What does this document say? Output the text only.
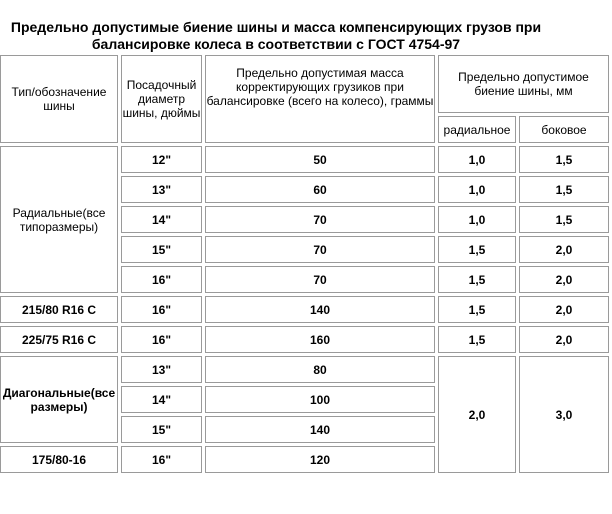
Предельно допустимые биение шины и масса компенсирующих грузов при
балансировке колеса в соответствии с ГОСТ 4754-97
Тип/обозначение шины	Посадочный диаметр шины, дюймы	Предельно допустимая масса корректирующих грузиков при балансировке (всего на колесо), граммы	Предельно допустимое биение шины, мм	
			радиальное	боковое
Радиальные(все типоразмеры)	12"	50	1,0	1,5
	13"	60	1,0	1,5
	14"	70	1,0	1,5
	15"	70	1,5	2,0
	16"	70	1,5	2,0
215/80 R16 C	16"	140	1,5	2,0
225/75 R16 C	16"	160	1,5	2,0
Диагональные(все размеры)	13"	80	2,0	3,0
	14"	100		
	15"	140		
175/80-16	16"	120		
